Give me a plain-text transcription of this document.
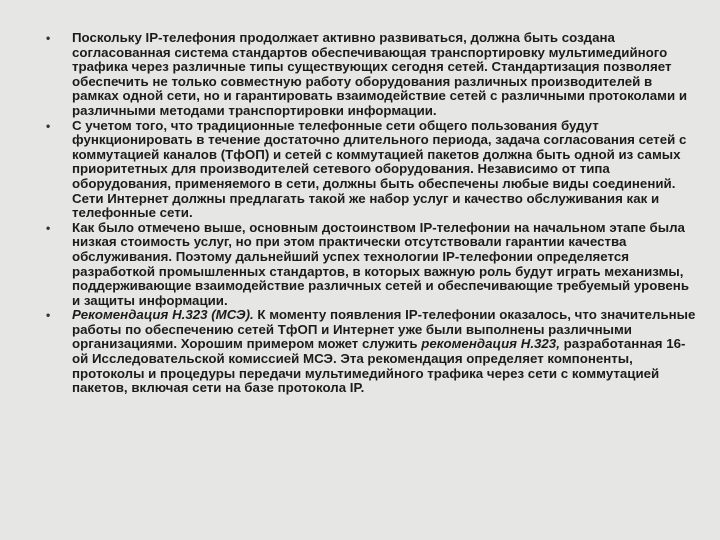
• Поскольку IP-телефония продолжает активно развиваться, должна быть создана согласованная система стандартов обеспечивающая транспортировку мультимедийного трафика через различные типы существующих сегодня сетей. Стандартизация позволяет обеспечить не только совместную работу оборудования различных производителей в рамках одной сети, но и гарантировать взаимодействие сетей с различными протоколами и различными методами транспортировки информации.
• С учетом того, что традиционные телефонные сети общего пользования будут функционировать в течение достаточно длительного периода, задача согласования сетей с коммутацией каналов (ТфОП) и сетей с коммутацией пакетов должна быть одной из самых приоритетных для производителей сетевого оборудования. Независимо от типа оборудования, применяемого в сети, должны быть обеспечены любые виды соединений. Сети Интернет должны предлагать такой же набор услуг и качество обслуживания как и телефонные сети.
• Как было отмечено выше, основным достоинством IP-телефонии на начальном этапе была низкая стоимость услуг, но при этом практически отсутствовали гарантии качества обслуживания. Поэтому дальнейший успех технологии IP-телефонии определяется разработкой промышленных стандартов, в которых важную роль будут играть механизмы, поддерживающие взаимодействие различных сетей и обеспечивающие требуемый уровень и защиты информации.
• Рекомендация Н.323 (МСЭ). К моменту появления IP-телефонии оказалось, что значительные работы по обеспечению сетей ТфОП и Интернет уже были выполнены различными организациями. Хорошим примером может служить рекомендация Н.323, разработанная 16-ой Исследовательской комиссией МСЭ. Эта рекомендация определяет компоненты, протоколы и процедуры передачи мультимедийного трафика через сети с коммутацией пакетов, включая сети на базе протокола IP.
